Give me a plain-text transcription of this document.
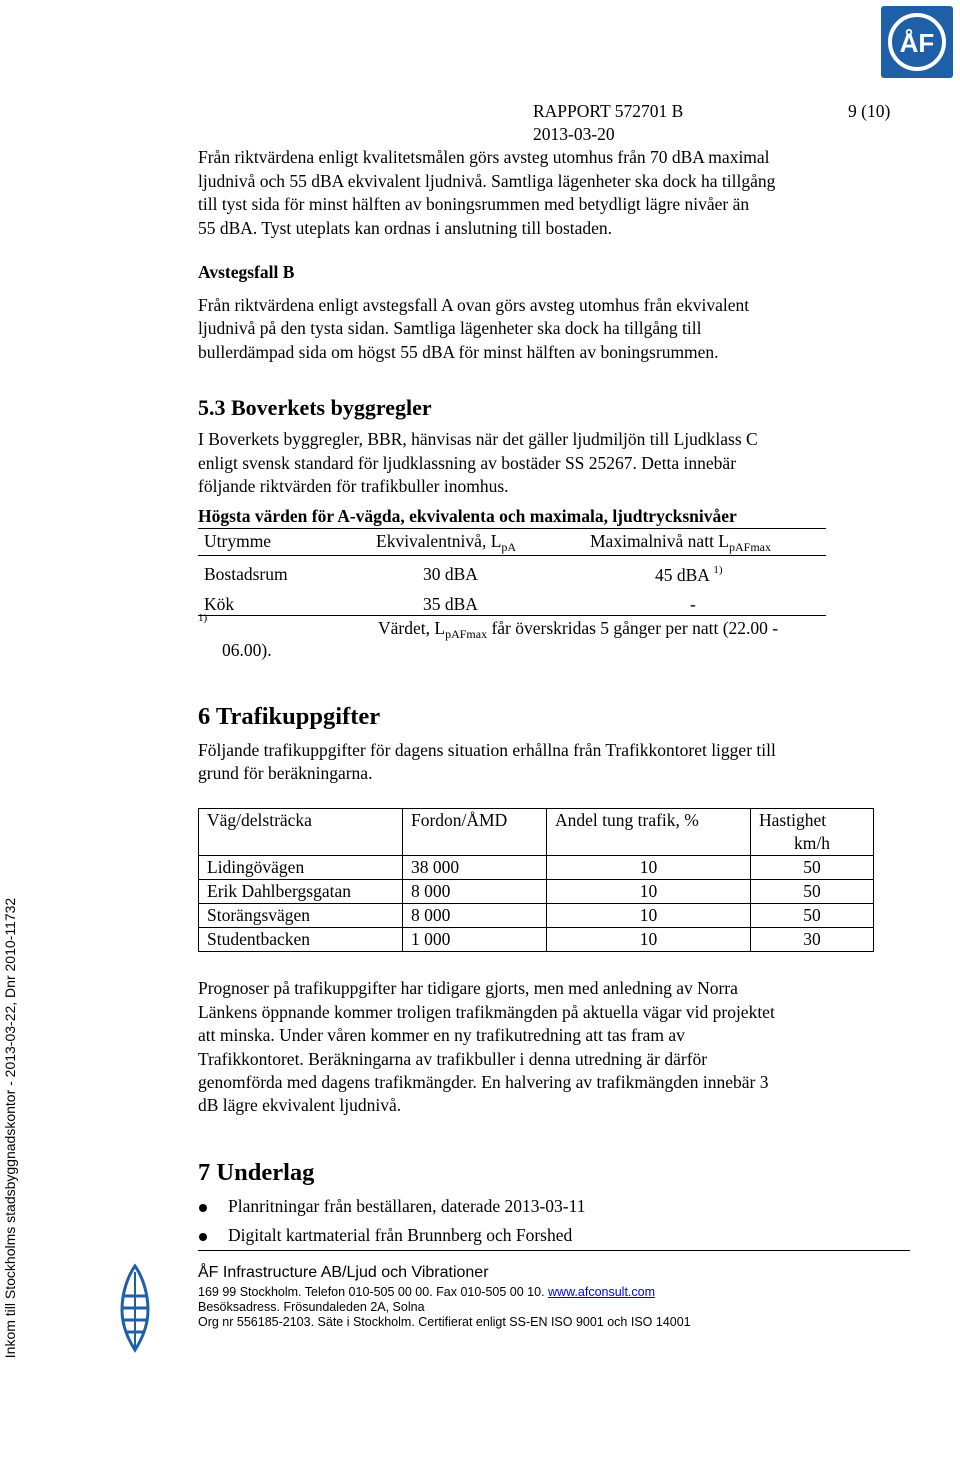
ÅF
RAPPORT 572701 B	9 (10)
2013-03-20
Från riktvärdena enligt kvalitetsmålen görs avsteg utomhus från 70 dBA maximal
ljudnivå och 55 dBA ekvivalent ljudnivå. Samtliga lägenheter ska dock ha tillgång
till tyst sida för minst hälften av boningsrummen med betydligt lägre nivåer än
55 dBA. Tyst uteplats kan ordnas i anslutning till bostaden.
Avstegsfall B
Från riktvärdena enligt avstegsfall A ovan görs avsteg utomhus från ekvivalent
ljudnivå på den tysta sidan. Samtliga lägenheter ska dock ha tillgång till
bullerdämpad sida om högst 55 dBA för minst hälften av boningsrummen.
5.3 Boverkets byggregler
I Boverkets byggregler, BBR, hänvisas när det gäller ljudmiljön till Ljudklass C
enligt svensk standard för ljudklassning av bostäder SS 25267. Detta innebär
följande riktvärden för trafikbuller inomhus.
Högsta värden för A-vägda, ekvivalenta och maximala, ljudtrycksnivåer
Utrymme	Ekvivalentnivå, $L_{pA}$	Maximalnivå natt $L_{pAFmax}$
Bostadsrum	30 dBA	45 dBA $^{1)}$
Kök	35 dBA	-
1)	Värdet, $L_{pAFmax}$ får överskridas 5 gånger per natt (22.00 -
06.00).
6 Trafikuppgifter
Följande trafikuppgifter för dagens situation erhållna från Trafikkontoret ligger till
grund för beräkningarna.
Väg/delsträcka	Fordon/ÅMD	Andel tung trafik, %	Hastighet

km/h

Lidingövägen	38 000	10	50
Erik Dahlbergsgatan	8 000	10	50
Storängsvägen	8 000	10	50
Studentbacken	1 000	10	30
Prognoser på trafikuppgifter har tidigare gjorts, men med anledning av Norra
Länkens öppnande kommer troligen trafikmängden på aktuella vägar vid projektet
att minska. Under våren kommer en ny trafikutredning att tas fram av
Trafikkontoret. Beräkningarna av trafikbuller i denna utredning är därför
genomförda med dagens trafikmängder. En halvering av trafikmängden innebär 3
dB lägre ekvivalent ljudnivå.
7 Underlag
Planritningar från beställaren, daterade 2013-03-11
Digitalt kartmaterial från Brunnberg och Forshed
ÅF Infrastructure AB/Ljud och Vibrationer
169 99 Stockholm. Telefon 010-505 00 00. Fax 010-505 00 10. www.afconsult.com
Besöksadress. Frösundaleden 2A, Solna
Org nr 556185-2103. Säte i Stockholm. Certifierat enligt SS-EN ISO 9001 och ISO 14001
Inkom till Stockholms stadsbyggnadskontor - 2013-03-22, Dnr 2010-11732
